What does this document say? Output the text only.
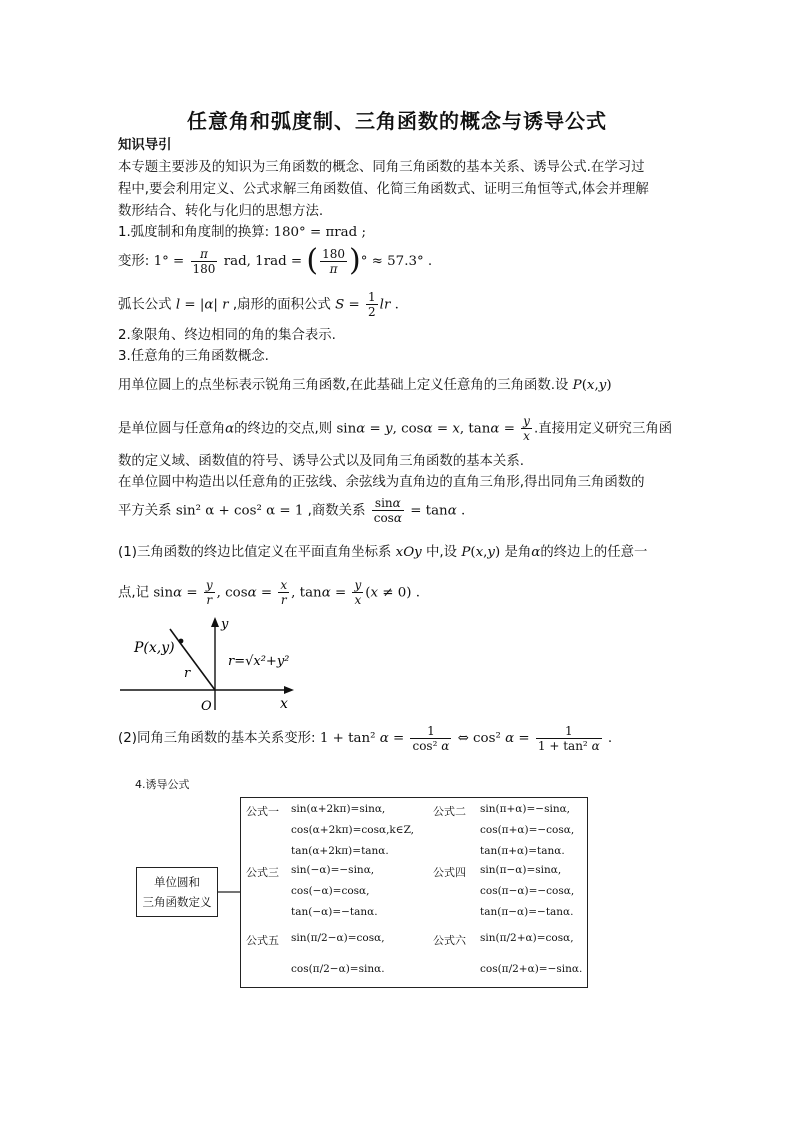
任意角和弧度制、三角函数的概念与诱导公式
知识导引
本专题主要涉及的知识为三角函数的概念、同角三角函数的基本关系、诱导公式.在学习过
程中,要会利用定义、公式求解三角函数值、化简三角函数式、证明三角恒等式,体会并理解
数形结合、转化与化归的思想方法.
1.弧度制和角度制的换算: 180° = πrad ;
变形: $1^\circ = \frac{\pi}{180}$ rad, 1rad = ( $\frac{180}{\pi}$ )° ≈ 57.3° .
弧长公式 l = |α| r ,扇形的面积公式 $S = \frac{1}{2}$ lr .
2.象限角、终边相同的角的集合表示.
3.任意角的三角函数概念.
用单位圆上的点坐标表示锐角三角函数,在此基础上定义任意角的三角函数.设 P(x,y)
是单位圆与任意角α的终边的交点,则 sinα = y, cosα = x, $\tan\alpha = \frac{y}{x}$ .直接用定义研究三角函
数的定义域、函数值的符号、诱导公式以及同角三角函数的基本关系.
在单位圆中构造出以任意角的正弦线、余弦线为直角边的直角三角形,得出同角三角函数的
平方关系 sin² α + cos² α = 1 ,商数关系 $\frac{\sin\alpha}{\cos\alpha} = \tan\alpha$ .
(1)三角函数的终边比值定义在平面直角坐标系 xOy 中,设 P(x,y) 是角α的终边上的任意一
点,记 $\sin\alpha = \frac{y}{r}$ , $\cos\alpha = \frac{x}{r}$ , $\tan\alpha = \frac{y}{x} (x \ne 0)$ .
P(x,y)
y
x
O
r
r=√x²+y²
(2)同角三角函数的基本关系变形: 1 + tan² $\alpha = \frac{1}{\text{cos² α}}$ ⇔ cos² $\alpha = \frac{1}{\text{1 + tan² α}}$ .
4.诱导公式
单位圆和
三角函数定义
公式一 sin(α+2kπ)=sinα,
cos(α+2kπ)=cosα,k∈Z,
tan(α+2kπ)=tanα.
公式二 sin(π+α)=−sinα,
cos(π+α)=−cosα,
tan(π+α)=tanα.
公式三 sin(−α)=−sinα,
cos(−α)=cosα,
tan(−α)=−tanα.
公式四 sin(π−α)=sinα,
cos(π−α)=−cosα,
tan(π−α)=−tanα.
公式五 sin(π/2−α)=cosα,
cos(π/2−α)=sinα.
公式六 sin(π/2+α)=cosα,
cos(π/2+α)=−sinα.
